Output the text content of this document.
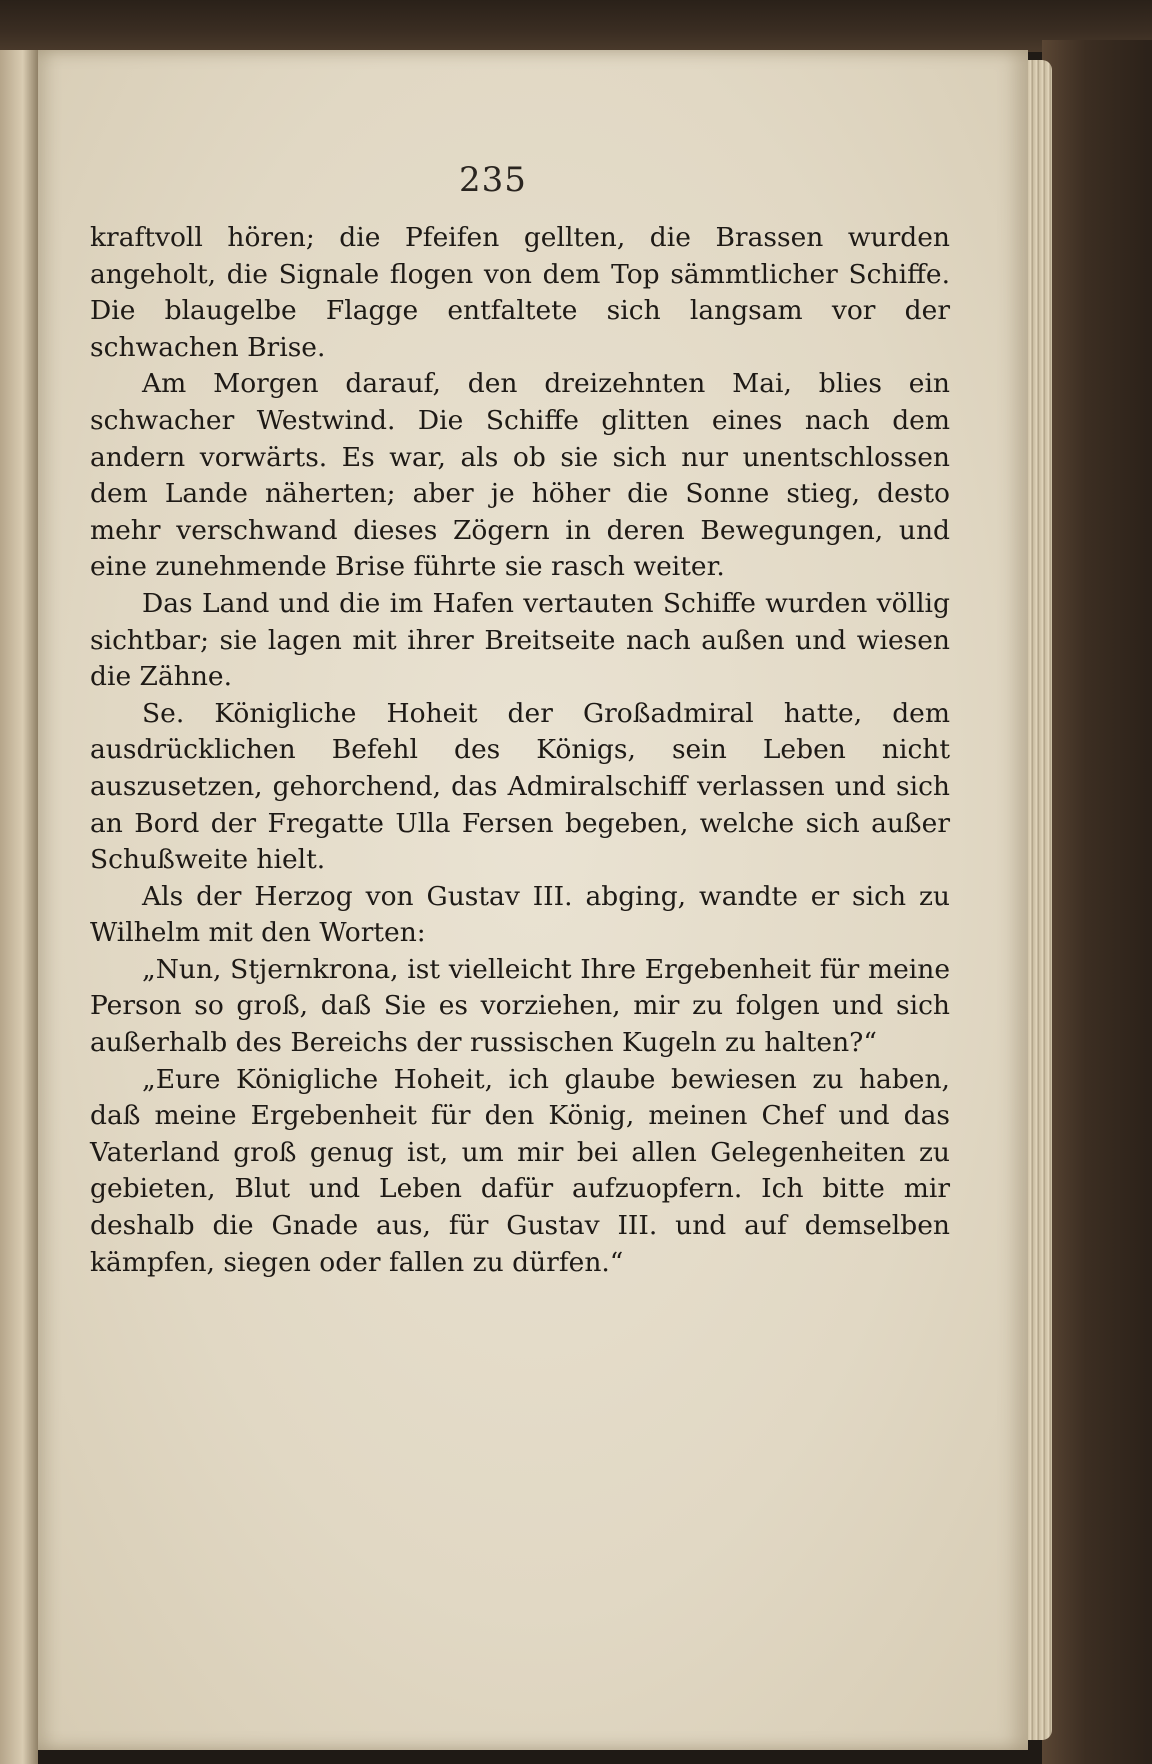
235

kraftvoll hören; die Pfeifen gellten, die Brassen wurden angeholt, die Signale flogen von dem Top sämmtlicher Schiffe. Die blaugelbe Flagge entfaltete sich langsam vor der schwachen Brise.

Am Morgen darauf, den dreizehnten Mai, blies ein schwacher Westwind. Die Schiffe glitten eines nach dem andern vorwärts. Es war, als ob sie sich nur unentschlossen dem Lande näherten; aber je höher die Sonne stieg, desto mehr verschwand dieses Zögern in deren Bewegungen, und eine zunehmende Brise führte sie rasch weiter.

Das Land und die im Hafen vertauten Schiffe wurden völlig sichtbar; sie lagen mit ihrer Breitseite nach außen und wiesen die Zähne.

Se. Königliche Hoheit der Großadmiral hatte, dem ausdrücklichen Befehl des Königs, sein Leben nicht auszusetzen, gehorchend, das Admiralschiff verlassen und sich an Bord der Fregatte Ulla Fersen begeben, welche sich außer Schußweite hielt.

Als der Herzog von Gustav III. abging, wandte er sich zu Wilhelm mit den Worten:

„Nun, Stjernkrona, ist vielleicht Ihre Ergebenheit für meine Person so groß, daß Sie es vorziehen, mir zu folgen und sich außerhalb des Bereichs der russischen Kugeln zu halten?“

„Eure Königliche Hoheit, ich glaube bewiesen zu haben, daß meine Ergebenheit für den König, meinen Chef und das Vaterland groß genug ist, um mir bei allen Gelegenheiten zu gebieten, Blut und Leben dafür aufzuopfern. Ich bitte mir deshalb die Gnade aus, für Gustav III. und auf demselben kämpfen, siegen oder fallen zu dürfen.“
